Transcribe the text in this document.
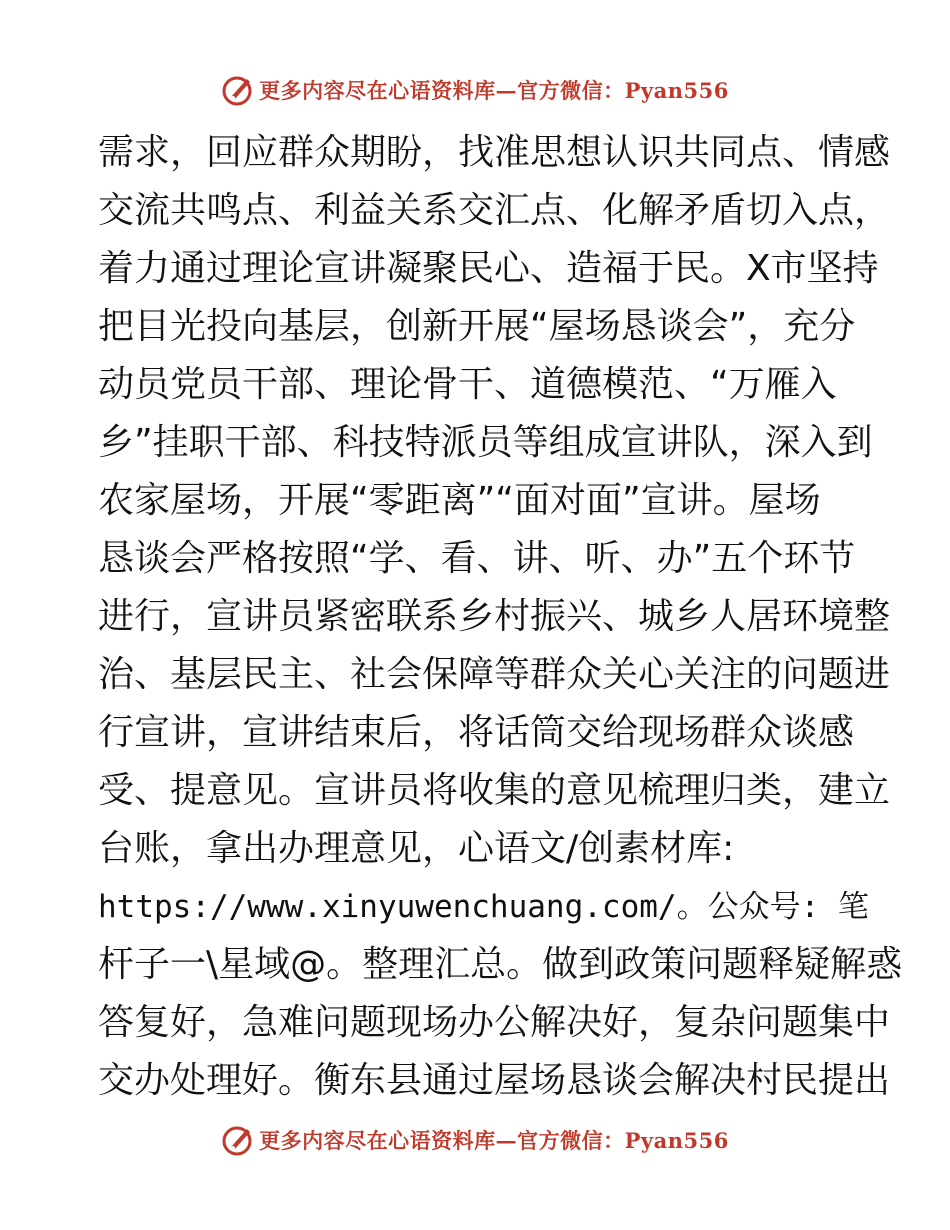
更多内容尽在心语资料库—官方微信：Pyan556
需求，回应群众期盼，找准思想认识共同点、情感
交流共鸣点、利益关系交汇点、化解矛盾切入点，
着力通过理论宣讲凝聚民心、造福于民。X市坚持
把目光投向基层，创新开展“屋场恳谈会”，充分
动员党员干部、理论骨干、道德模范、“万雁入
乡”挂职干部、科技特派员等组成宣讲队，深入到
农家屋场，开展“零距离”“面对面”宣讲。屋场
恳谈会严格按照“学、看、讲、听、办”五个环节
进行，宣讲员紧密联系乡村振兴、城乡人居环境整
治、基层民主、社会保障等群众关心关注的问题进
行宣讲，宣讲结束后，将话筒交给现场群众谈感
受、提意见。宣讲员将收集的意见梳理归类，建立
台账，拿出办理意见，心语文/创素材库:
https://www.xinyuwenchuang.com/。公众号: 笔
杆子一\星域@。整理汇总。做到政策问题释疑解惑
答复好，急难问题现场办公解决好，复杂问题集中
交办处理好。衡东县通过屋场恳谈会解决村民提出
更多内容尽在心语资料库—官方微信：Pyan556
